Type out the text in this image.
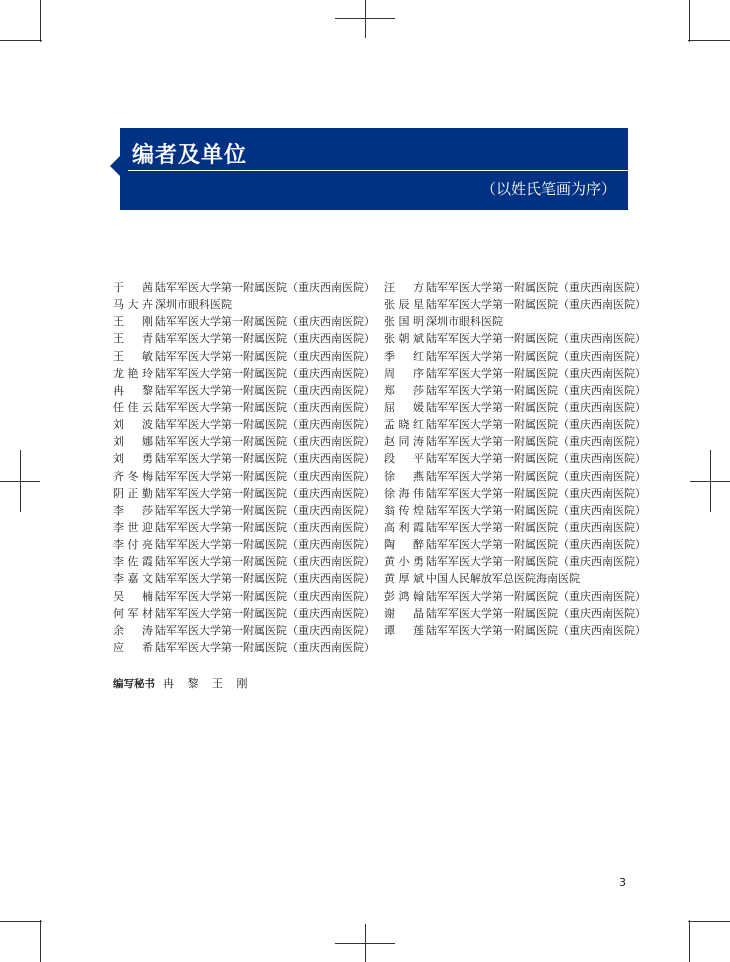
编者及单位
（以姓氏笔画为序）
于　茜 陆军军医大学第一附属医院（重庆西南医院）
马大卉 深圳市眼科医院
王　刚 陆军军医大学第一附属医院（重庆西南医院）
王　青 陆军军医大学第一附属医院（重庆西南医院）
王　敏 陆军军医大学第一附属医院（重庆西南医院）
龙艳玲 陆军军医大学第一附属医院（重庆西南医院）
冉　黎 陆军军医大学第一附属医院（重庆西南医院）
任佳云 陆军军医大学第一附属医院（重庆西南医院）
刘　波 陆军军医大学第一附属医院（重庆西南医院）
刘　娜 陆军军医大学第一附属医院（重庆西南医院）
刘　勇 陆军军医大学第一附属医院（重庆西南医院）
齐冬梅 陆军军医大学第一附属医院（重庆西南医院）
阴正勤 陆军军医大学第一附属医院（重庆西南医院）
李　莎 陆军军医大学第一附属医院（重庆西南医院）
李世迎 陆军军医大学第一附属医院（重庆西南医院）
李付亮 陆军军医大学第一附属医院（重庆西南医院）
李佐霞 陆军军医大学第一附属医院（重庆西南医院）
李嘉文 陆军军医大学第一附属医院（重庆西南医院）
吴　楠 陆军军医大学第一附属医院（重庆西南医院）
何军材 陆军军医大学第一附属医院（重庆西南医院）
余　涛 陆军军医大学第一附属医院（重庆西南医院）
应　希 陆军军医大学第一附属医院（重庆西南医院）
汪　方 陆军军医大学第一附属医院（重庆西南医院）
张辰星 陆军军医大学第一附属医院（重庆西南医院）
张国明 深圳市眼科医院
张朝斌 陆军军医大学第一附属医院（重庆西南医院）
季　红 陆军军医大学第一附属医院（重庆西南医院）
周　序 陆军军医大学第一附属医院（重庆西南医院）
郑　莎 陆军军医大学第一附属医院（重庆西南医院）
屈　媛 陆军军医大学第一附属医院（重庆西南医院）
孟晓红 陆军军医大学第一附属医院（重庆西南医院）
赵同涛 陆军军医大学第一附属医院（重庆西南医院）
段　平 陆军军医大学第一附属医院（重庆西南医院）
徐　燕 陆军军医大学第一附属医院（重庆西南医院）
徐海伟 陆军军医大学第一附属医院（重庆西南医院）
翁传煌 陆军军医大学第一附属医院（重庆西南医院）
高利霞 陆军军医大学第一附属医院（重庆西南医院）
陶　醉 陆军军医大学第一附属医院（重庆西南医院）
黄小勇 陆军军医大学第一附属医院（重庆西南医院）
黄厚斌 中国人民解放军总医院海南医院
彭鸿翰 陆军军医大学第一附属医院（重庆西南医院）
谢　晶 陆军军医大学第一附属医院（重庆西南医院）
谭　莲 陆军军医大学第一附属医院（重庆西南医院）
编写秘书 冉 黎 王 刚
3
